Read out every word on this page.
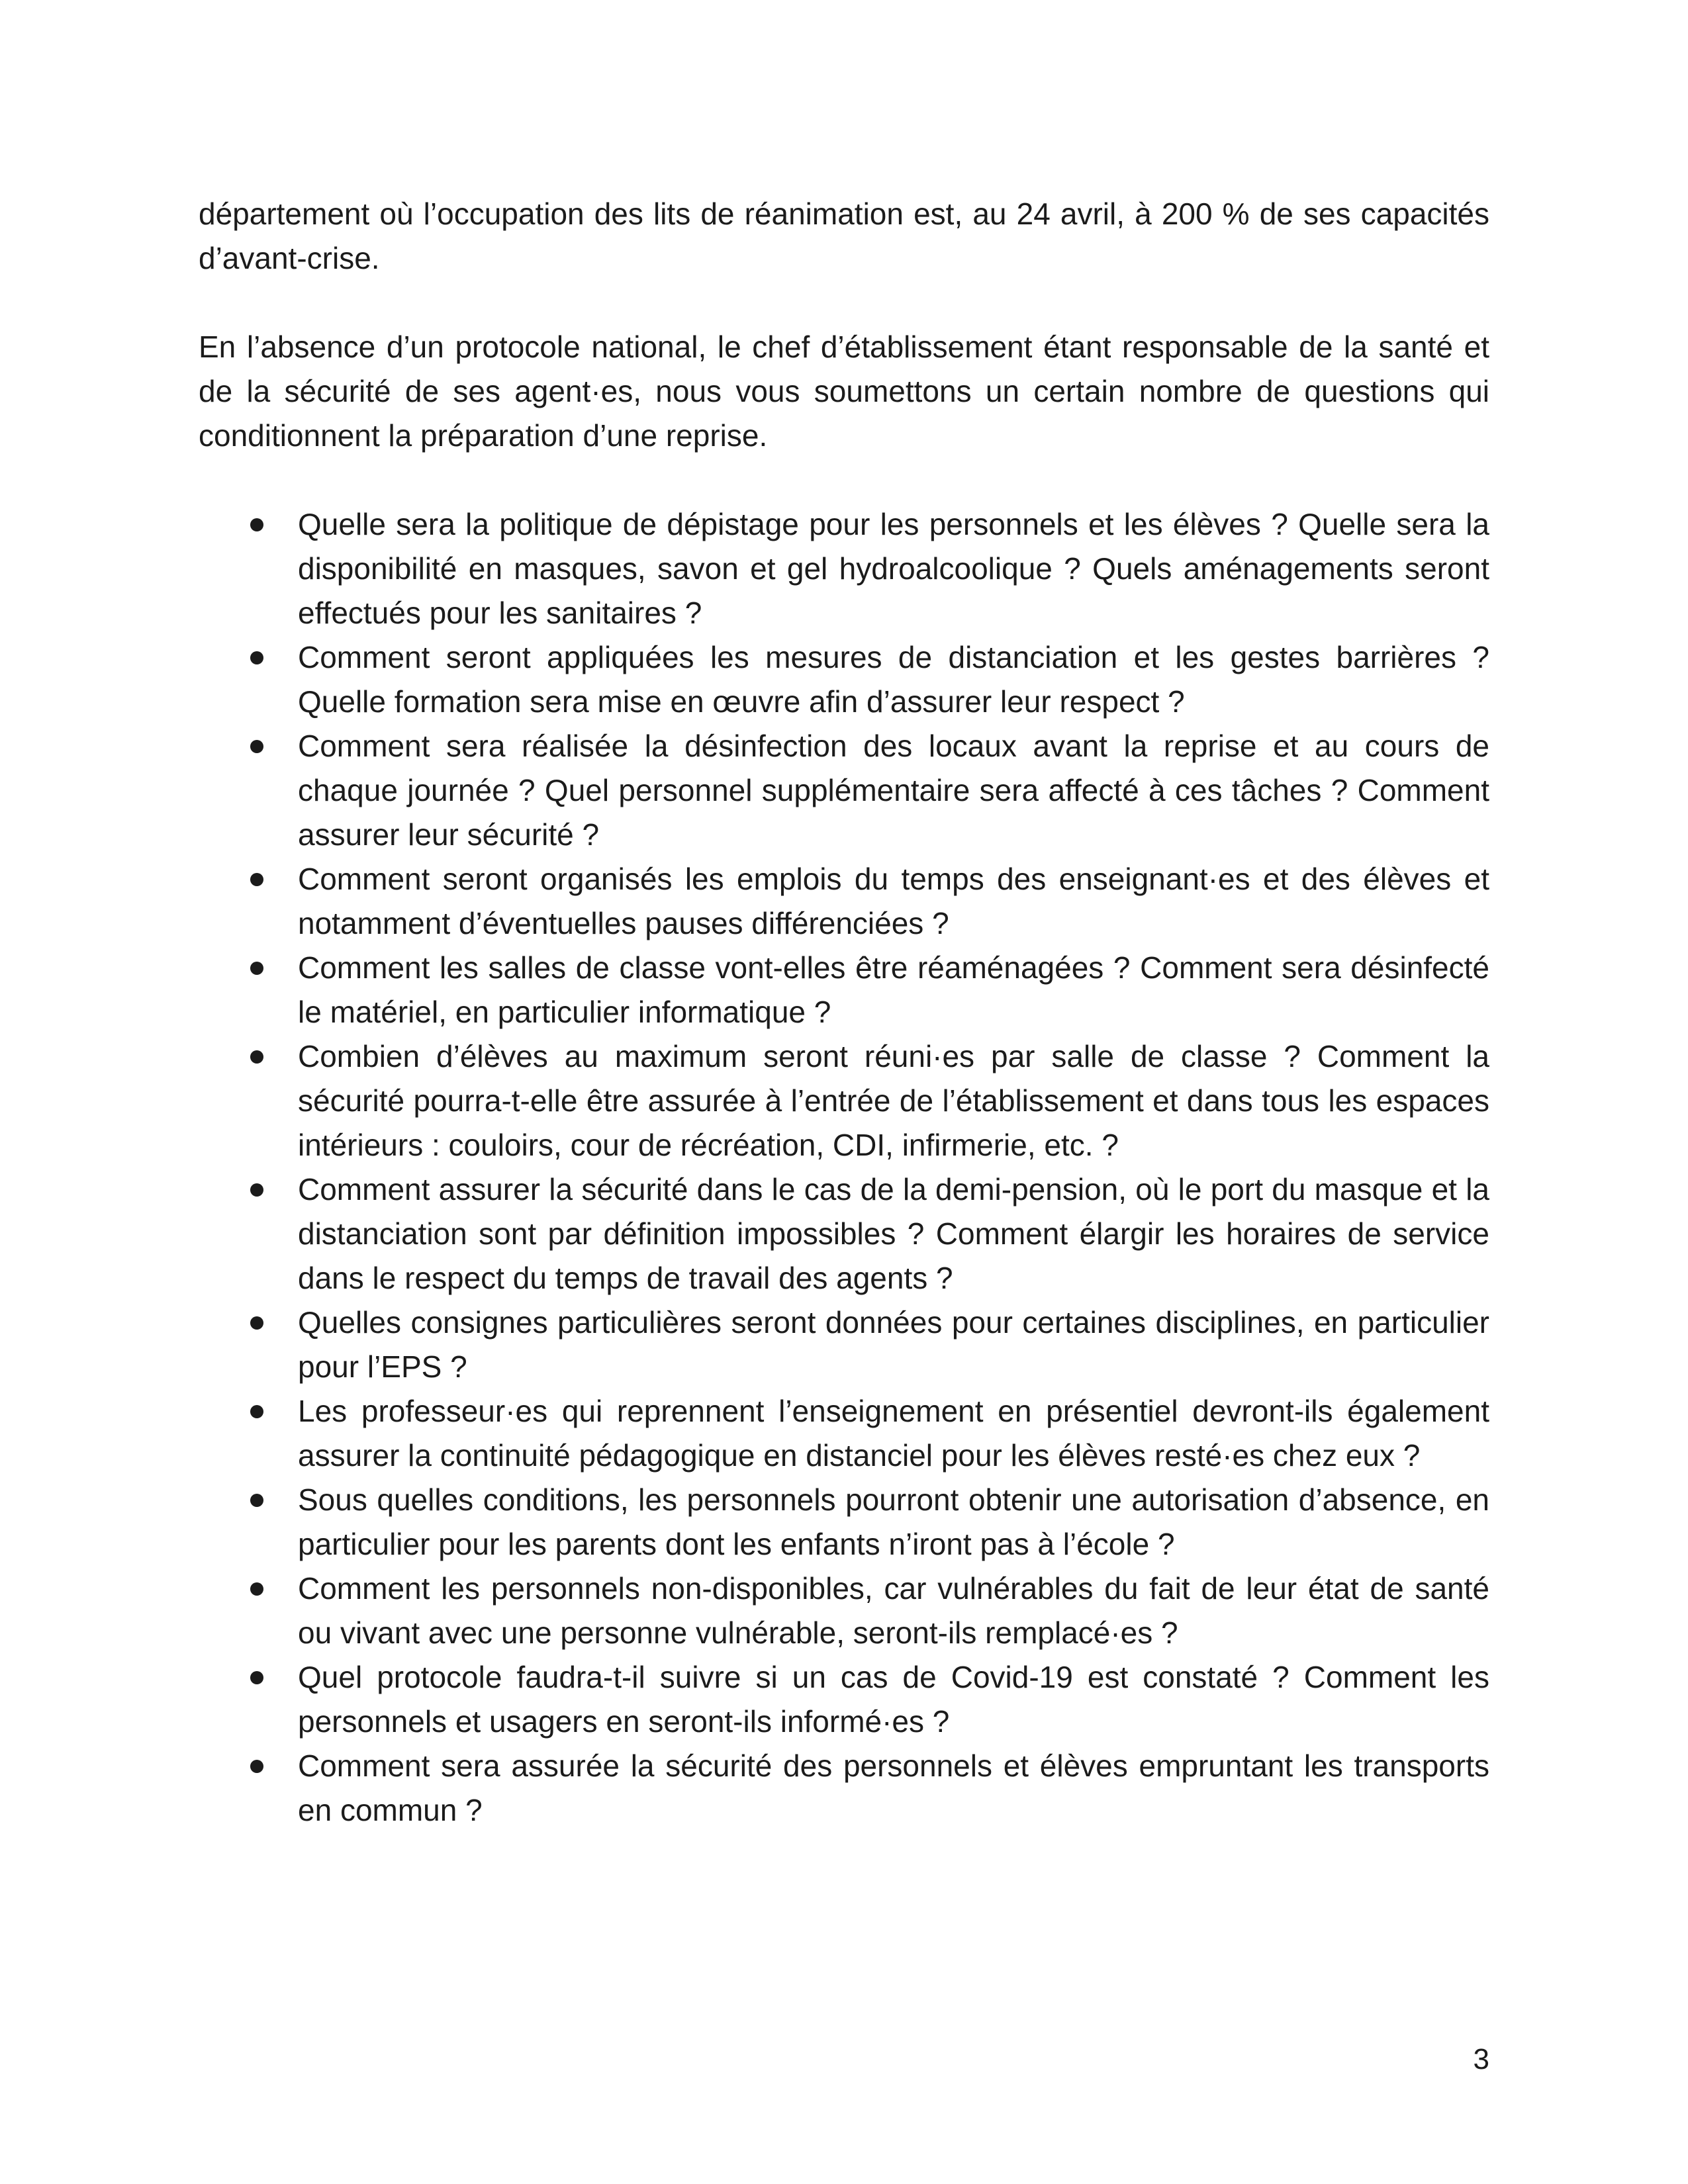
département où l’occupation des lits de réanimation est, au 24 avril, à 200 % de ses capacités d’avant-crise.

En l’absence d’un protocole national, le chef d’établissement étant responsable de la santé et de la sécurité de ses agent·es, nous vous soumettons un certain nombre de questions qui conditionnent la préparation d’une reprise.

Quelle sera la politique de dépistage pour les personnels et les élèves ? Quelle sera la disponibilité en masques, savon et gel hydroalcoolique ? Quels aménagements seront effectués pour les sanitaires ?
Comment seront appliquées les mesures de distanciation et les gestes barrières ? Quelle formation sera mise en œuvre afin d’assurer leur respect ?
Comment sera réalisée la désinfection des locaux avant la reprise et au cours de chaque journée ? Quel personnel supplémentaire sera affecté à ces tâches ? Comment assurer leur sécurité ?
Comment seront organisés les emplois du temps des enseignant·es et des élèves et notamment d’éventuelles pauses différenciées ?
Comment les salles de classe vont-elles être réaménagées ? Comment sera désinfecté le matériel, en particulier informatique ?
Combien d’élèves au maximum seront réuni·es par salle de classe ? Comment la sécurité pourra-t-elle être assurée à l’entrée de l’établissement et dans tous les espaces intérieurs : couloirs, cour de récréation, CDI, infirmerie, etc. ?
Comment assurer la sécurité dans le cas de la demi-pension, où le port du masque et la distanciation sont par définition impossibles ? Comment élargir les horaires de service dans le respect du temps de travail des agents ?
Quelles consignes particulières seront données pour certaines disciplines, en particulier pour l’EPS ?
Les professeur·es qui reprennent l’enseignement en présentiel devront-ils également assurer la continuité pédagogique en distanciel pour les élèves resté·es chez eux ?
Sous quelles conditions, les personnels pourront obtenir une autorisation d’absence, en particulier pour les parents dont les enfants n’iront pas à l’école ?
Comment les personnels non-disponibles, car vulnérables du fait de leur état de santé ou vivant avec une personne vulnérable, seront-ils remplacé·es ?
Quel protocole faudra-t-il suivre si un cas de Covid-19 est constaté ? Comment les personnels et usagers en seront-ils informé·es ?
Comment sera assurée la sécurité des personnels et élèves empruntant les transports en commun ?
3
